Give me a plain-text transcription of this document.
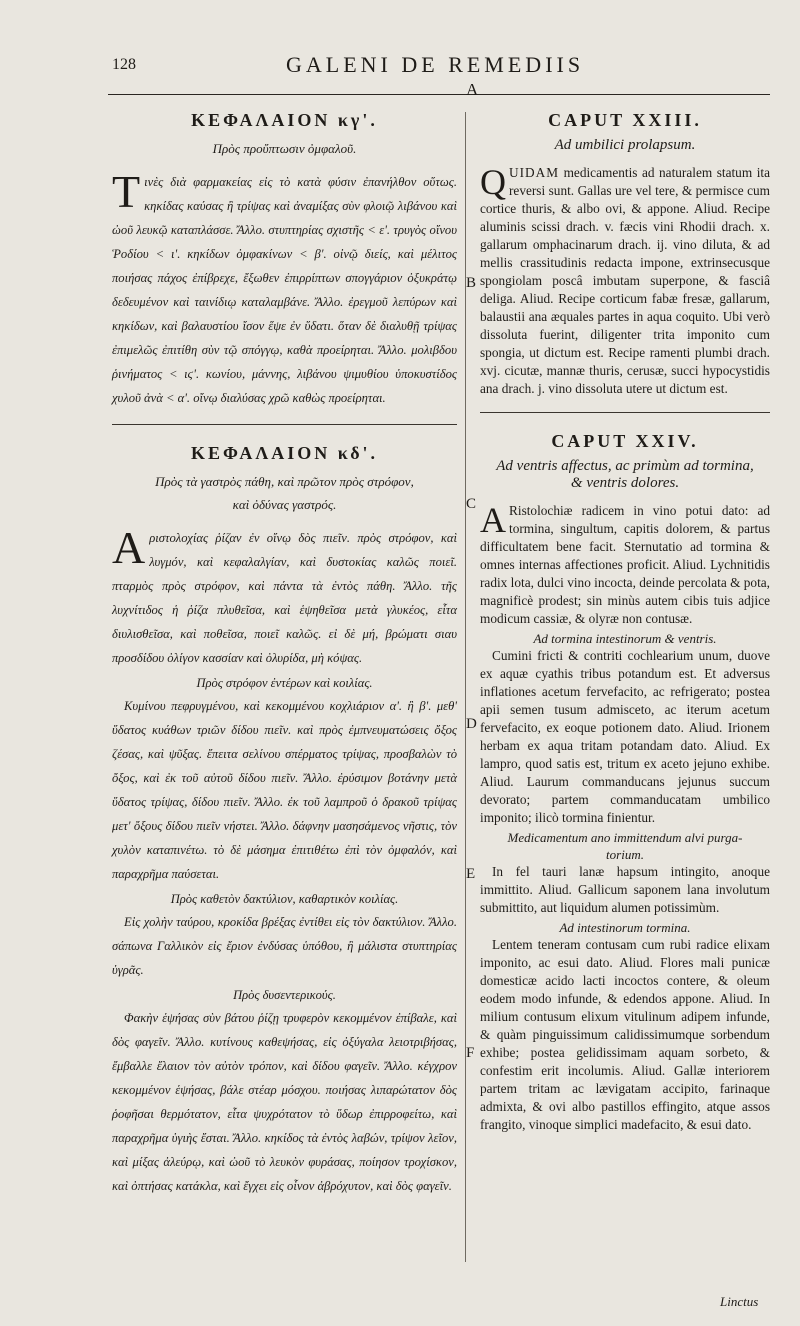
128	GALENI DE REMEDIIS
A
ΚΕΦΑΛΑΙΟΝ κγ'.
Πρὸς προὔπτωσιν ὀμφαλοῦ.

T ινὲς διὰ φαρμακείας εἰς τὸ κατὰ φύσιν ἐπανήλθον οὕτως. κηκίδας καύσας ἢ τρίψας καὶ ἀναμίξας σὺν φλοιῷ λιβάνου καὶ ὠοῦ λευκῷ καταπλάσσε. Ἄλλο. στυπτηρίας σχιστῆς < ε'. τρυγὸς οἴνου Ῥοδίου < ι'. κηκίδων ὀμφακίνων < β'. οἰνῷ διείς, καὶ μέλιτος ποιήσας πάχος ἐπίβρεχε, ἔξωθεν ἐπιρρίπτων σπογγάριον ὀξυκράτῳ δεδευμένον καὶ ταινίδιῳ καταλαμβάνε. Ἄλλο. ἐρεγμοῦ λεπύρων καὶ κηκίδων, καὶ βαλαυστίου ἴσον ἕψε ἐν ὕδατι. ὅταν δὲ διαλυθῇ τρίψας ἐπιμελῶς ἐπιτίθη σὺν τῷ σπόγγῳ, καθὰ προείρηται. Ἄλλο. μολιβδου ῥινήματος < ιϛ'. κωνίου, μάννης, λιβάνου ψιμυθίου ὑποκυστίδος χυλοῦ ἀνὰ < α'. οἴνῳ διαλύσας χρῶ καθὼς προείρηται.

ΚΕΦΑΛΑΙΟΝ κδ'.
Πρὸς τὰ γαστρὸς πάθη, καὶ πρῶτον πρὸς στρόφον,
καὶ ὀδύνας γαστρός.

A ριστολοχίας ῥίζαν ἐν οἴνῳ δὸς πιεῖν. πρὸς στρόφον, καὶ λυγμόν, καὶ κεφαλαλγίαν, καὶ δυστοκίας καλῶς ποιεῖ. πταρμὸς πρὸς στρόφον, καὶ πάντα τὰ ἐντὸς πάθη. Ἄλλο. τῆς λυχνίτιδος ἡ ῥίζα πλυθεῖσα, καὶ ἑψηθεῖσα μετὰ γλυκέος, εἶτα διυλισθεῖσα, καὶ ποθεῖσα, ποιεῖ καλῶς. εἰ δὲ μή, βρώματι σιαυ προσδίδου ὀλίγον κασσίαν καὶ ὀλυρίδα, μὴ κόψας.

Πρὸς στρόφον ἐντέρων καὶ κοιλίας.

Κυμίνου πεφρυγμένου, καὶ κεκομμένου κοχλιάριον α'. ἢ β'. μεθ' ὕδατος κυάθων τριῶν δίδου πιεῖν. καὶ πρὸς ἐμπνευματώσεις ὄξος ζέσας, καὶ ψῦξας. ἔπειτα σελίνου σπέρματος τρίψας, προσβαλὼν τὸ ὄξος, καὶ ἐκ τοῦ αὐτοῦ δίδου πιεῖν. Ἄλλο. ἐρύσιμον βοτάνην μετὰ ὕδατος τρίψας, δίδου πιεῖν. Ἄλλο. ἐκ τοῦ λαμπροῦ ὁ δρακοῦ τρίψας μετ' ὄξους δίδου πιεῖν νήστει. Ἄλλο. δάφνην μασησάμενος νῆστις, τὸν χυλὸν καταπινέτω. τὸ δὲ μάσημα ἐπιτιθέτω ἐπὶ τὸν ὀμφαλόν, καὶ παραχρῆμα παύσεται.

Πρὸς καθετὸν δακτύλιον, καθαρτικὸν κοιλίας.

Εἰς χολὴν ταύρου, κροκίδα βρέξας ἐντίθει εἰς τὸν δακτύλιον. Ἄλλο. σάπωνα Γαλλικὸν εἰς ἔριον ἐνδύσας ὑπόθου, ἢ μάλιστα στυπτηρίας ὑγρᾶς.

Πρὸς δυσεντερικούς.

Φακὴν ἑψήσας σὺν βάτου ῥίζῃ τρυφερὸν κεκομμένον ἐπίβαλε, καὶ δὸς φαγεῖν. Ἄλλο. κυτίνους καθεψήσας, εἰς ὀξύγαλα λειοτριβήσας, ἔμβαλλε ἔλαιον τὸν αὐτὸν τρόπον, καὶ δίδου φαγεῖν. Ἄλλο. κέγχρον κεκομμένον ἑψήσας, βάλε στέαρ μόσχου. ποιήσας λιπαρώτατον δὸς ῥοφῆσαι θερμότατον, εἶτα ψυχρότατον τὸ ὕδωρ ἐπιρροφείτω, καὶ παραχρῆμα ὑγιὴς ἔσται. Ἄλλο. κηκίδος τὰ ἐντὸς λαβών, τρίψον λεῖον, καὶ μίξας ἀλεύρῳ, καὶ ὠοῦ τὸ λευκὸν φυράσας, ποίησον τροχίσκον, καὶ ὀπτήσας κατάκλα, καὶ ἔγχει εἰς οἶνον ἀβρόχυτον, καὶ δὸς φαγεῖν.

CAPUT XXIII.
Ad umbilici prolapsum.

Q UIDAM medicamentis ad naturalem statum ita reversi sunt. Gallas ure vel tere, & permisce cum cortice thuris, & albo ovi, & appone. Aliud. Recipe aluminis scissi drach. v. fæcis vini Rhodii drach. x. gallarum omphacinarum drach. ij. vino diluta, & ad mellis crassitudinis redacta impone, extrinsecusque spongiolam poscâ imbutam superpone, & fasciâ deliga. Aliud. Recipe corticum fabæ fresæ, gallarum, balaustii ana æquales partes in aqua coquito. Ubi verò dissoluta fuerint, diligenter trita imponito cum spongia, ut dictum est. Recipe ramenti plumbi drach. xvj. cicutæ, mannæ thuris, cerusæ, succi hypocystidis ana drach. j. vino dissoluta utere ut dictum est.

CAPUT XXIV.
Ad ventris affectus, ac primùm ad tormina,
& ventris dolores.

A Ristolochiæ radicem in vino potui dato: ad tormina, singultum, capitis dolorem, & partus difficultatem bene facit. Sternutatio ad tormina & omnes internas affectiones proficit. Aliud. Lychnitidis radix lota, dulci vino incocta, deinde percolata & pota, magnificè prodest; sin minùs autem cibis tuis adjice modicum cassiæ, & olyræ non contusæ.

Ad tormina intestinorum & ventris.

Cumini fricti & contriti cochlearium unum, duove ex aquæ cyathis tribus potandum est. Et adversus inflationes acetum fervefacito, ac refrigerato; postea apii semen tusum admisceto, ac iterum acetum fervefacito, ex eoque potionem dato. Aliud. Irionem herbam ex aqua tritam potandam dato. Aliud. Ex lampro, quod satis est, tritum ex aceto jejuno exhibe. Aliud. Laurum commanducans jejunus succum devorato; partem commanducatam umbilico imponito; ilicò tormina finientur.

Medicamentum ano immittendum alvi purga-
torium.

In fel tauri lanæ hapsum intingito, anoque immittito. Aliud. Gallicum saponem lana involutum submittito, aut liquidum alumen potissimùm.

Ad intestinorum tormina.

Lentem teneram contusam cum rubi radice elixam imponito, ac esui dato. Aliud. Flores mali punicæ domesticæ acido lacti incoctos contere, & oleum eodem modo infunde, & edendos appone. Aliud. In milium contusum elixum vitulinum adipem infunde, & quàm pinguissimum calidissimumque sorbendum exhibe; postea gelidissimam aquam sorbeto, & confestim erit incolumis. Aliud. Gallæ interiorem partem tritam ac lævigatam accipito, farinaque admixta, & ovi albo pastillos effingito, atque assos frangito, vinoque simplici madefacito, & esui dato.

B
C
D
E
F
Linctus
